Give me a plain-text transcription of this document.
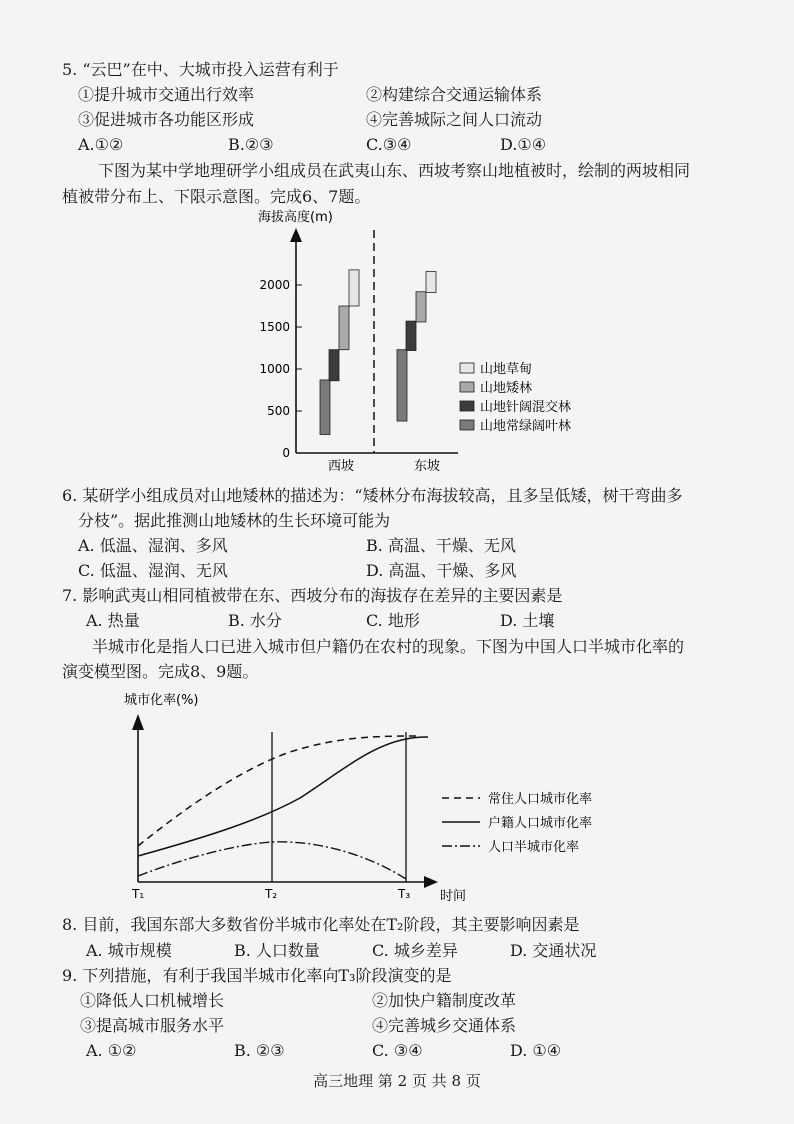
5. “云巴”在中、大城市投入运营有利于
①提升城市交通出行效率	②构建综合交通运输体系
③促进城市各功能区形成	④完善城际之间人口流动
A.①②	B.②③	C.③④	D.①④
下图为某中学地理研学小组成员在武夷山东、西坡考察山地植被时，绘制的两坡相同
植被带分布上、下限示意图。完成6、7题。
海拔高度(m)
0
500
1000
1500
2000
西坡	东坡
山地草甸
山地矮林
山地针阔混交林
山地常绿阔叶林
6. 某研学小组成员对山地矮林的描述为：“矮林分布海拔较高，且多呈低矮，树干弯曲多
分枝”。据此推测山地矮林的生长环境可能为
A. 低温、湿润、多风	B. 高温、干燥、无风
C. 低温、湿润、无风	D. 高温、干燥、多风
7. 影响武夷山相同植被带在东、西坡分布的海拔存在差异的主要因素是
A. 热量	B. 水分	C. 地形	D. 土壤
半城市化是指人口已进入城市但户籍仍在农村的现象。下图为中国人口半城市化率的
演变模型图。完成8、9题。
城市化率(%)
T₁	T₂	T₃ 时间
常住人口城市化率
户籍人口城市化率
人口半城市化率
8. 目前，我国东部大多数省份半城市化率处在T₂阶段，其主要影响因素是
A. 城市规模	B. 人口数量	C. 城乡差异	D. 交通状况
9. 下列措施，有利于我国半城市化率向T₃阶段演变的是
①降低人口机械增长	②加快户籍制度改革
③提高城市服务水平	④完善城乡交通体系
A. ①②	B. ②③	C. ③④	D. ①④
高三地理 第 2 页 共 8 页
